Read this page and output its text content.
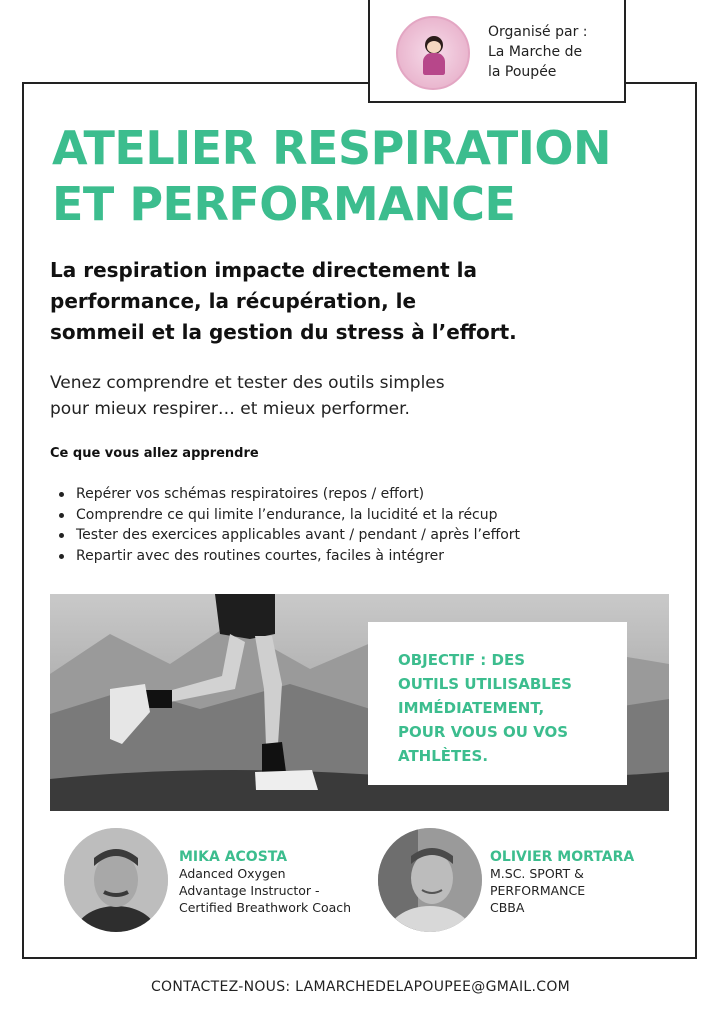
Organisé par :
La Marche de
la Poupée

ATELIER RESPIRATION
ET PERFORMANCE

La respiration impacte directement la
performance, la récupération, le
sommeil et la gestion du stress à l’effort.

Venez comprendre et tester des outils simples
pour mieux respirer… et mieux performer.

Ce que vous allez apprendre

Repérer vos schémas respiratoires (repos / effort)
Comprendre ce qui limite l’endurance, la lucidité et la récup
Tester des exercices applicables avant / pendant / après l’effort
Repartir avec des routines courtes, faciles à intégrer

OBJECTIF : DES
OUTILS UTILISABLES
IMMÉDIATEMENT,
POUR VOUS OU VOS
ATHLÈTES.

MIKA ACOSTA

Adanced Oxygen
Advantage Instructor -
Certified Breathwork Coach

OLIVIER MORTARA

M.SC. SPORT &
PERFORMANCE
CBBA

CONTACTEZ-NOUS: LAMARCHEDELAPOUPEE@GMAIL.COM
